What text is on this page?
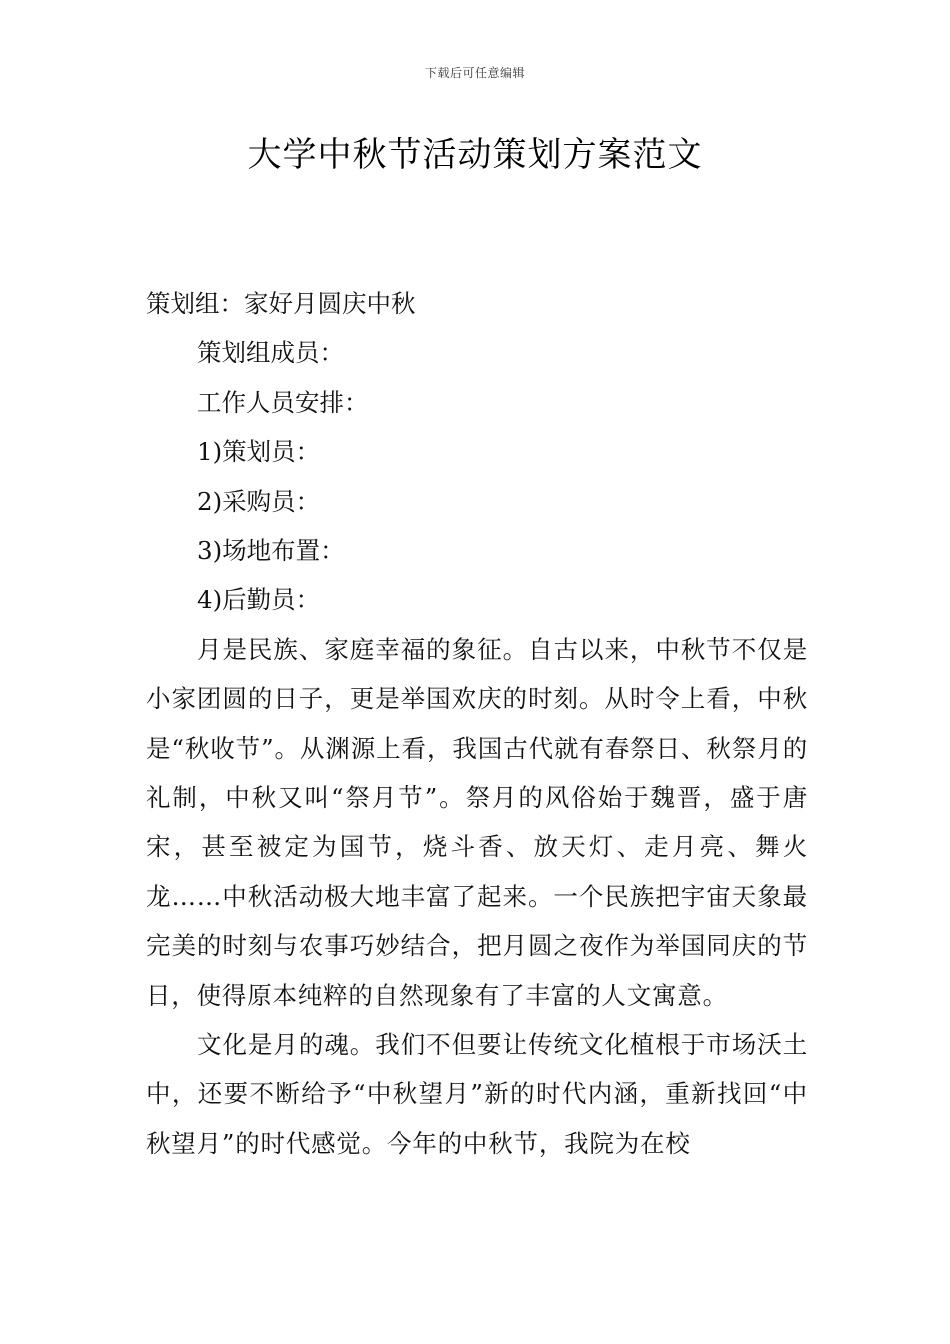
下载后可任意编辑
大学中秋节活动策划方案范文
策划组：家好月圆庆中秋
策划组成员：
工作人员安排：
1)策划员：
2)采购员：
3)场地布置：
4)后勤员：

月是民族、家庭幸福的象征。自古以来，中秋节不仅是小家团圆的日子，更是举国欢庆的时刻。从时令上看，中秋是“秋收节”。从渊源上看，我国古代就有春祭日、秋祭月的礼制，中秋又叫“祭月节”。祭月的风俗始于魏晋，盛于唐宋，甚至被定为国节，烧斗香、放天灯、走月亮、舞火龙……中秋活动极大地丰富了起来。一个民族把宇宙天象最完美的时刻与农事巧妙结合，把月圆之夜作为举国同庆的节日，使得原本纯粹的自然现象有了丰富的人文寓意。

文化是月的魂。我们不但要让传统文化植根于市场沃土中，还要不断给予“中秋望月”新的时代内涵，重新找回“中秋望月”的时代感觉。今年的中秋节，我院为在校
